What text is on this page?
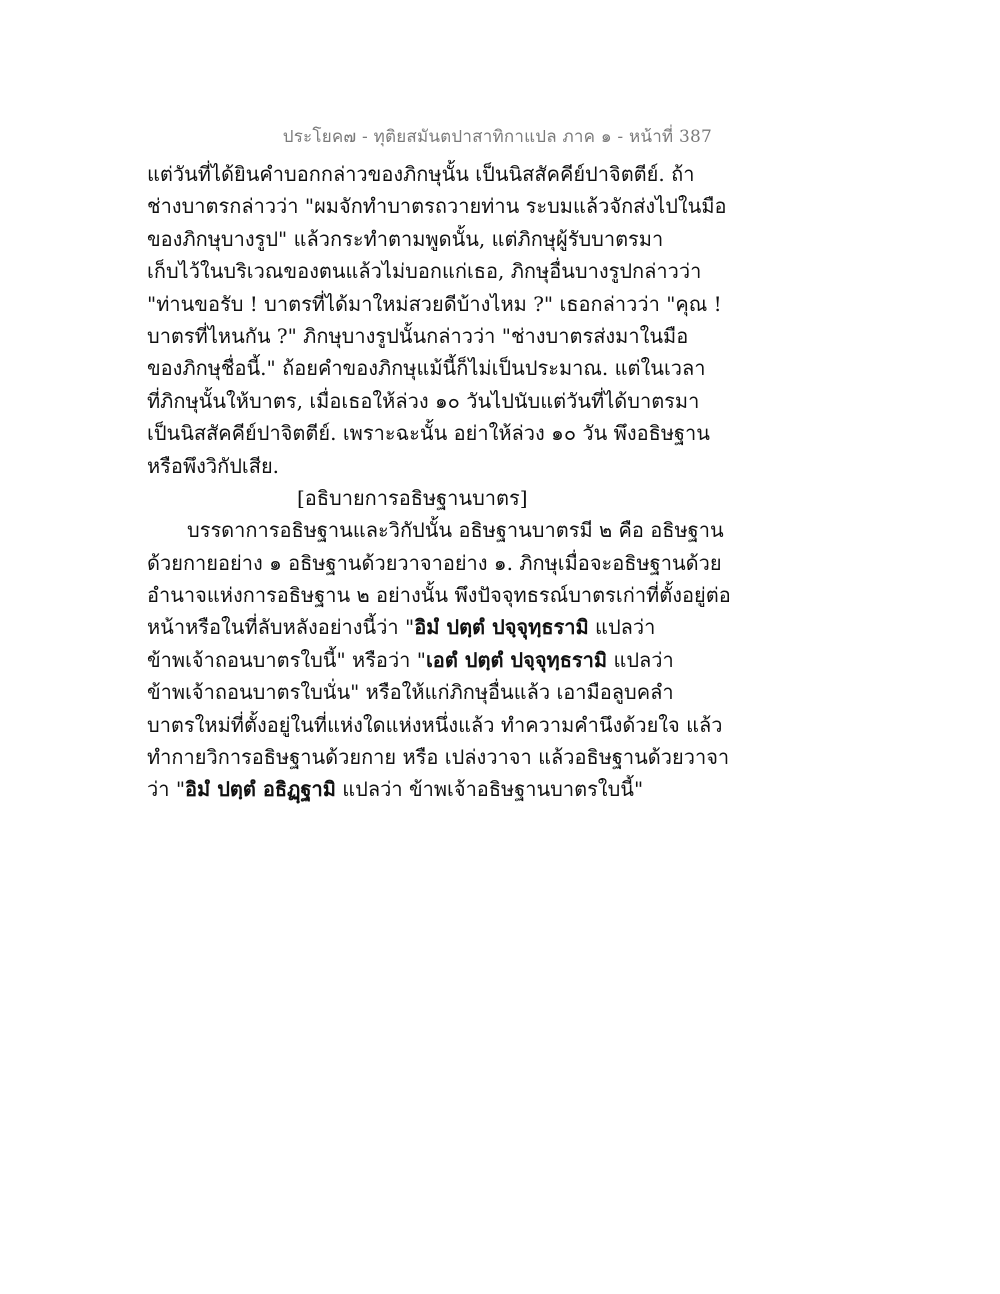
ประโยค๗ - ทุติยสมันตปาสาทิกาแปล ภาค ๑ - หน้าที่ 387
แต่วันที่ได้ยินคำบอกกล่าวของภิกษุนั้น เป็นนิสสัคคีย์ปาจิตตีย์. ถ้า
ช่างบาตรกล่าวว่า "ผมจักทำบาตรถวายท่าน ระบมแล้วจักส่งไปในมือ
ของภิกษุบางรูป" แล้วกระทำตามพูดนั้น, แต่ภิกษุผู้รับบาตรมา
เก็บไว้ในบริเวณของตนแล้วไม่บอกแก่เธอ, ภิกษุอื่นบางรูปกล่าวว่า
"ท่านขอรับ ! บาตรที่ได้มาใหม่สวยดีบ้างไหม ?" เธอกล่าวว่า "คุณ !
บาตรที่ไหนกัน ?" ภิกษุบางรูปนั้นกล่าวว่า "ช่างบาตรส่งมาในมือ
ของภิกษุชื่อนี้." ถ้อยคำของภิกษุแม้นี้ก็ไม่เป็นประมาณ. แต่ในเวลา
ที่ภิกษุนั้นให้บาตร, เมื่อเธอให้ล่วง ๑๐ วันไปนับแต่วันที่ได้บาตรมา
เป็นนิสสัคคีย์ปาจิตตีย์. เพราะฉะนั้น อย่าให้ล่วง ๑๐ วัน พึงอธิษฐาน
หรือพึงวิกัปเสีย.
[อธิบายการอธิษฐานบาตร]
บรรดาการอธิษฐานและวิกัปนั้น อธิษฐานบาตรมี ๒ คือ อธิษฐาน
ด้วยกายอย่าง ๑ อธิษฐานด้วยวาจาอย่าง ๑. ภิกษุเมื่อจะอธิษฐานด้วย
อำนาจแห่งการอธิษฐาน ๒ อย่างนั้น พึงปัจจุทธรณ์บาตรเก่าที่ตั้งอยู่ต่อ
หน้าหรือในที่ลับหลังอย่างนี้ว่า "อิมํ ปตฺตํ ปจฺจุทฺธรามิ แปลว่า
ข้าพเจ้าถอนบาตรใบนี้" หรือว่า "เอตํ ปตฺตํ ปจฺจุทฺธรามิ แปลว่า
ข้าพเจ้าถอนบาตรใบนั่น" หรือให้แก่ภิกษุอื่นแล้ว เอามือลูบคลำ
บาตรใหม่ที่ตั้งอยู่ในที่แห่งใดแห่งหนึ่งแล้ว ทำความคำนึงด้วยใจ แล้ว
ทำกายวิการอธิษฐานด้วยกาย หรือ เปล่งวาจา แล้วอธิษฐานด้วยวาจา
ว่า "อิมํ ปตฺตํ อธิฏฺฐามิ แปลว่า ข้าพเจ้าอธิษฐานบาตรใบนี้"
